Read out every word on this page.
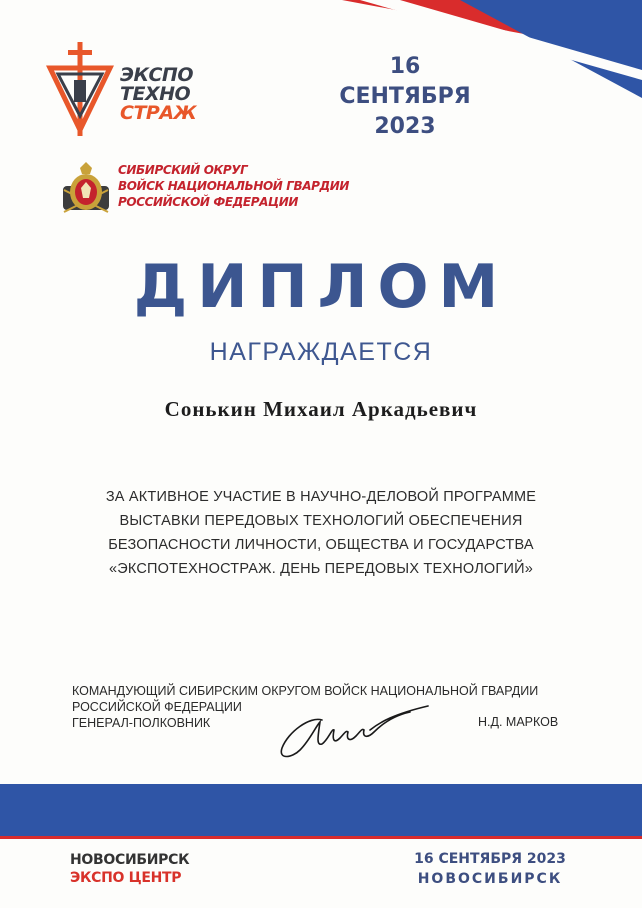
ЭКСПО
ТЕХНО
СТРАЖ
16
СЕНТЯБРЯ
2023
СИБИРСКИЙ ОКРУГ
ВОЙСК НАЦИОНАЛЬНОЙ ГВАРДИИ
РОССИЙСКОЙ ФЕДЕРАЦИИ
ДИПЛОМ
НАГРАЖДАЕТСЯ
Сонькин Михаил Аркадьевич
ЗА АКТИВНОЕ УЧАСТИЕ В НАУЧНО-ДЕЛОВОЙ ПРОГРАММЕ
ВЫСТАВКИ ПЕРЕДОВЫХ ТЕХНОЛОГИЙ ОБЕСПЕЧЕНИЯ
БЕЗОПАСНОСТИ ЛИЧНОСТИ, ОБЩЕСТВА И ГОСУДАРСТВА
«ЭКСПОТЕХНОСТРАЖ. ДЕНЬ ПЕРЕДОВЫХ ТЕХНОЛОГИЙ»
КОМАНДУЮЩИЙ СИБИРСКИМ ОКРУГОМ ВОЙСК НАЦИОНАЛЬНОЙ ГВАРДИИ
РОССИЙСКОЙ ФЕДЕРАЦИИ
ГЕНЕРАЛ-ПОЛКОВНИК	Н.Д. МАРКОВ
НОВОСИБИРСК
ЭКСПО ЦЕНТР
16 СЕНТЯБРЯ 2023
НОВОСИБИРСК
